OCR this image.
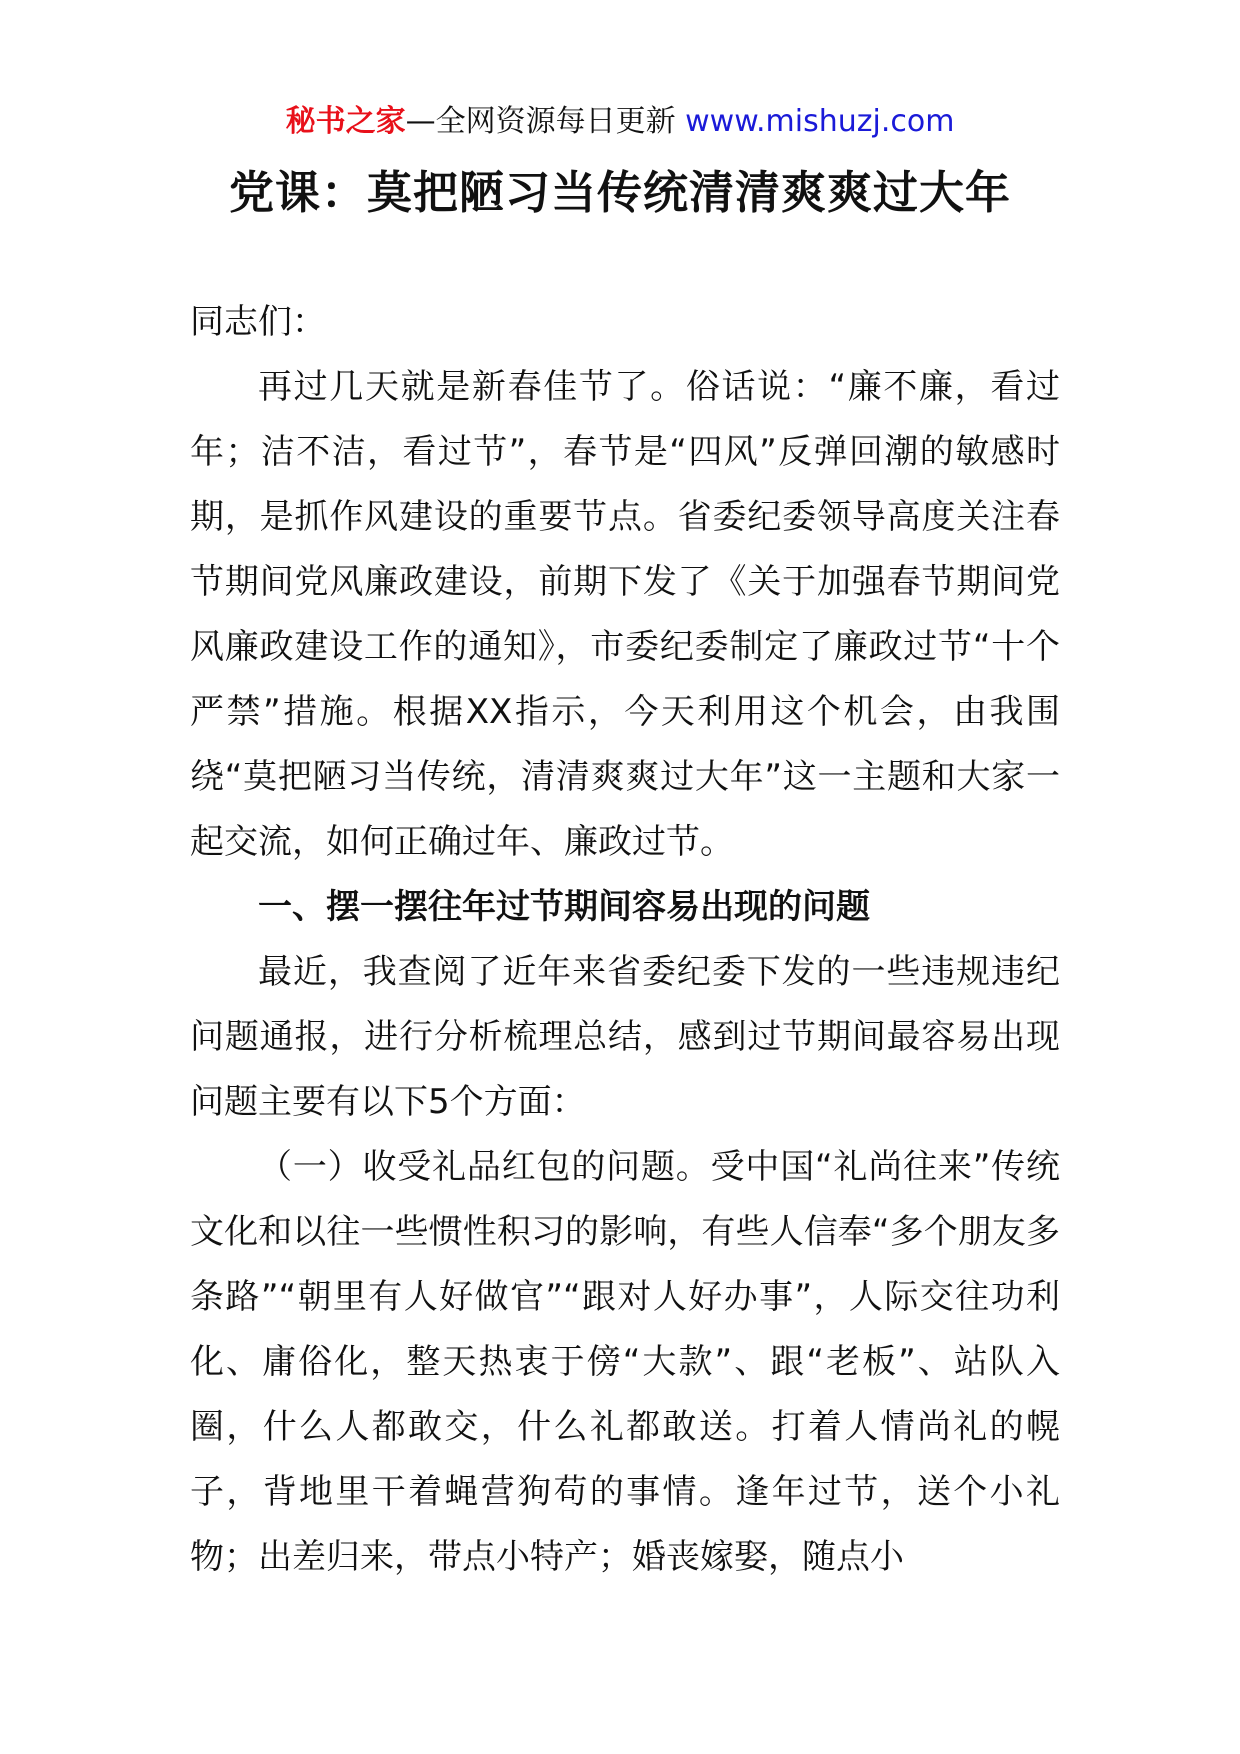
秘书之家—全网资源每日更新 www.mishuzj.com
党课：莫把陋习当传统清清爽爽过大年

同志们：

再过几天就是新春佳节了。俗话说：“廉不廉，看过年；洁不洁，看过节”，春节是“四风”反弹回潮的敏感时期，是抓作风建设的重要节点。省委纪委领导高度关注春节期间党风廉政建设，前期下发了《关于加强春节期间党风廉政建设工作的通知》，市委纪委制定了廉政过节“十个严禁”措施。根据XX指示，今天利用这个机会，由我围绕“莫把陋习当传统，清清爽爽过大年”这一主题和大家一起交流，如何正确过年、廉政过节。

一、摆一摆往年过节期间容易出现的问题

最近，我查阅了近年来省委纪委下发的一些违规违纪问题通报，进行分析梳理总结，感到过节期间最容易出现问题主要有以下5个方面：

（一）收受礼品红包的问题。受中国“礼尚往来”传统文化和以往一些惯性积习的影响，有些人信奉“多个朋友多条路”“朝里有人好做官”“跟对人好办事”，人际交往功利化、庸俗化，整天热衷于傍“大款”、跟“老板”、站队入圈，什么人都敢交，什么礼都敢送。打着人情尚礼的幌子，背地里干着蝇营狗苟的事情。逢年过节，送个小礼物；出差归来，带点小特产；婚丧嫁娶，随点小
